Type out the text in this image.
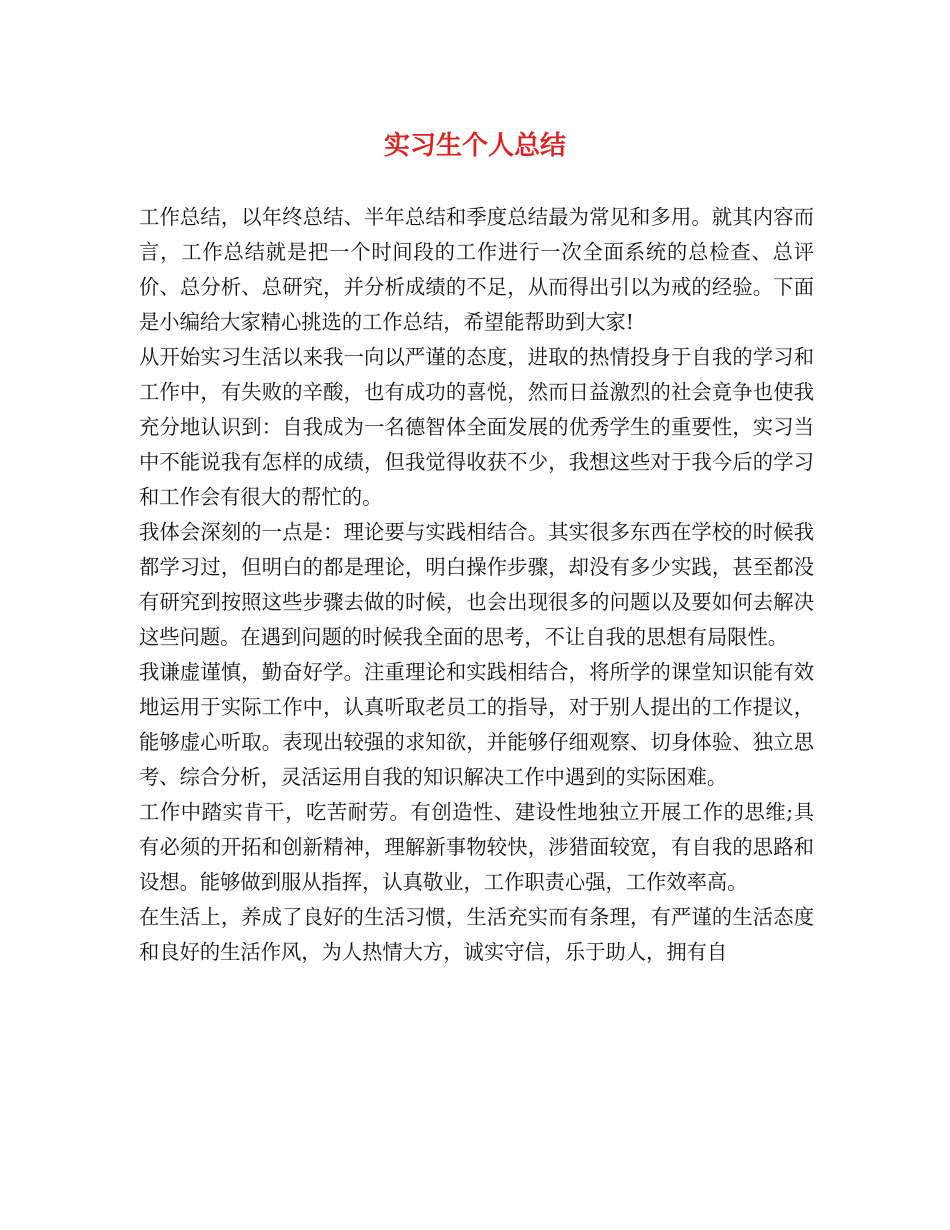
实习生个人总结

工作总结，以年终总结、半年总结和季度总结最为常见和多用。就其内容而言，工作总结就是把一个时间段的工作进行一次全面系统的总检查、总评价、总分析、总研究，并分析成绩的不足，从而得出引以为戒的经验。下面是小编给大家精心挑选的工作总结，希望能帮助到大家!

从开始实习生活以来我一向以严谨的态度，进取的热情投身于自我的学习和工作中，有失败的辛酸，也有成功的喜悦，然而日益激烈的社会竟争也使我充分地认识到：自我成为一名德智体全面发展的优秀学生的重要性，实习当中不能说我有怎样的成绩，但我觉得收获不少，我想这些对于我今后的学习和工作会有很大的帮忙的。

我体会深刻的一点是：理论要与实践相结合。其实很多东西在学校的时候我都学习过，但明白的都是理论，明白操作步骤，却没有多少实践，甚至都没有研究到按照这些步骤去做的时候，也会出现很多的问题以及要如何去解决这些问题。在遇到问题的时候我全面的思考，不让自我的思想有局限性。

我谦虚谨慎，勤奋好学。注重理论和实践相结合，将所学的课堂知识能有效地运用于实际工作中，认真听取老员工的指导，对于别人提出的工作提议，能够虚心听取。表现出较强的求知欲，并能够仔细观察、切身体验、独立思考、综合分析，灵活运用自我的知识解决工作中遇到的实际困难。

工作中踏实肯干，吃苦耐劳。有创造性、建设性地独立开展工作的思维;具有必须的开拓和创新精神，理解新事物较快，涉猎面较宽，有自我的思路和设想。能够做到服从指挥，认真敬业，工作职责心强，工作效率高。

在生活上，养成了良好的生活习惯，生活充实而有条理，有严谨的生活态度和良好的生活作风，为人热情大方，诚实守信，乐于助人，拥有自
